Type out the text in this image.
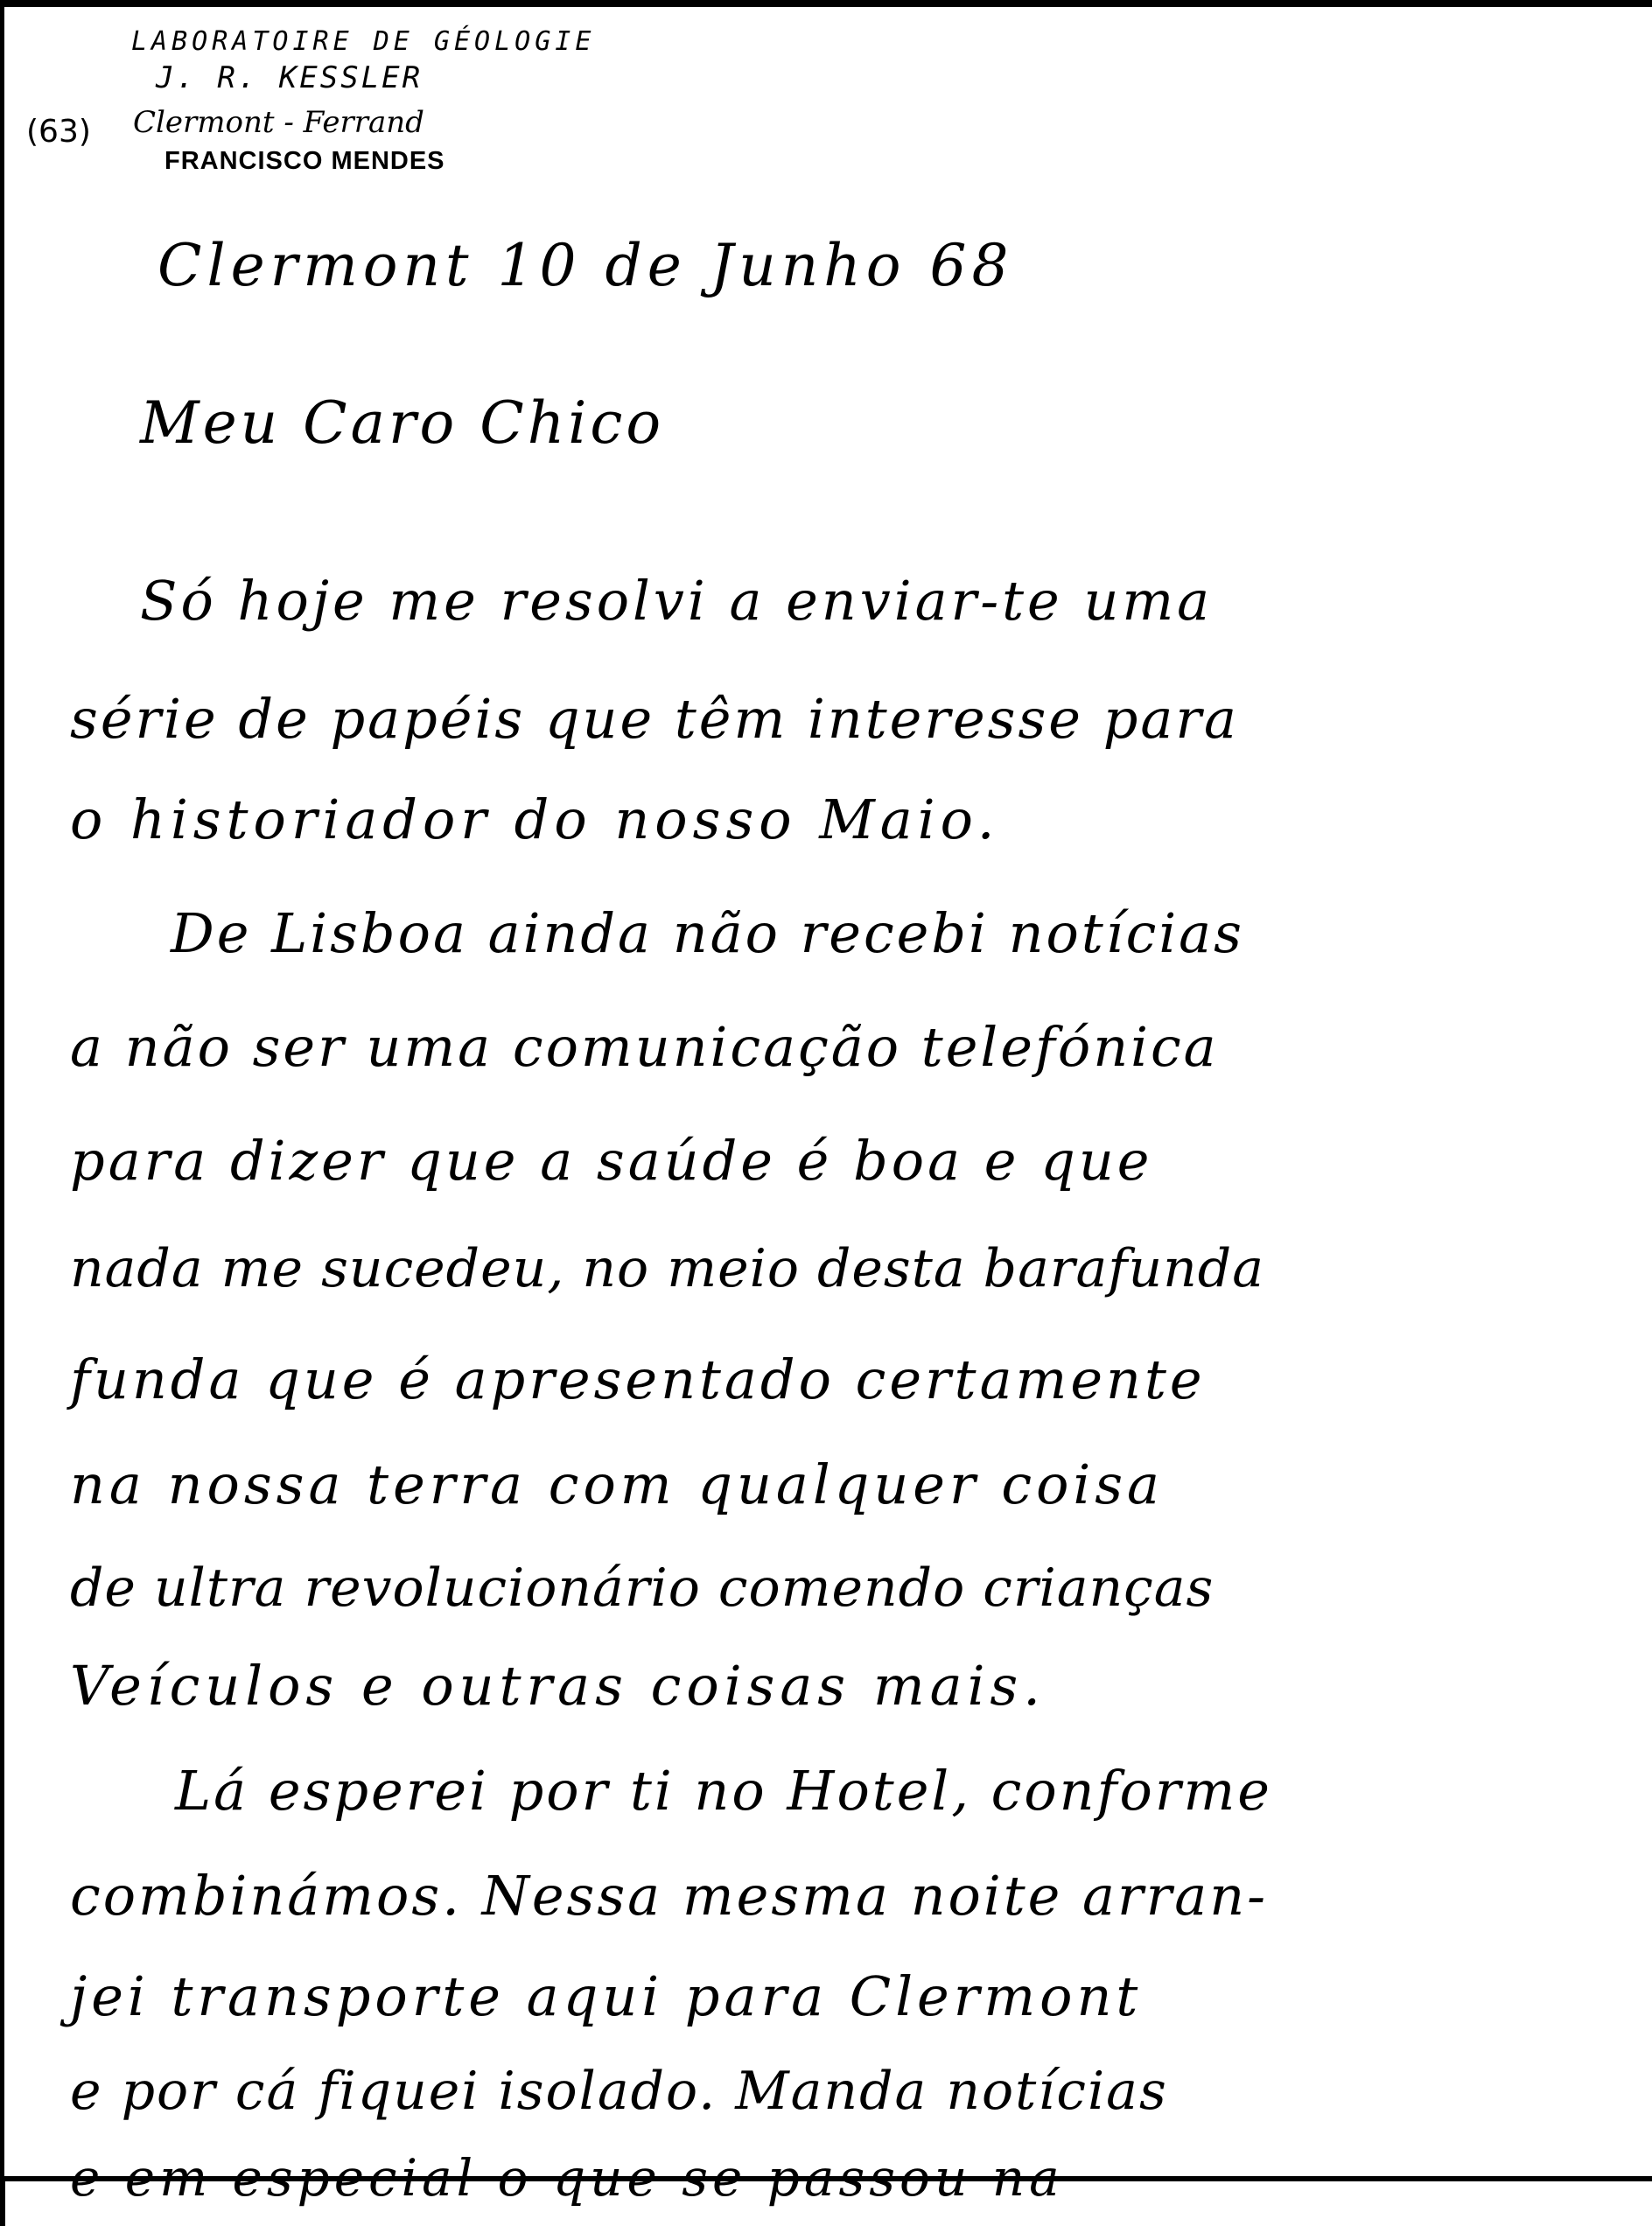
LABORATOIRE DE GÉOLOGIE
J. R. KESSLER
(63) Clermont - Ferrand
FRANCISCO MENDES
Clermont 10 de Junho 68
Meu Caro Chico
Só hoje me resolvi a enviar-te uma
série de papéis que têm interesse para
o historiador do nosso Maio.
De Lisboa ainda não recebi notícias
a não ser uma comunicação telefónica
para dizer que a saúde é boa e que
nada me sucedeu, no meio desta barafunda
funda que é apresentado certamente
na nossa terra com qualquer coisa
de ultra revolucionário comendo crianças
Veículos e outras coisas mais.
Lá esperei por ti no Hotel, conforme
combinámos. Nessa mesma noite arran-
jei transporte aqui para Clermont
e por cá fiquei isolado. Manda notícias
e em especial o que se passou na
